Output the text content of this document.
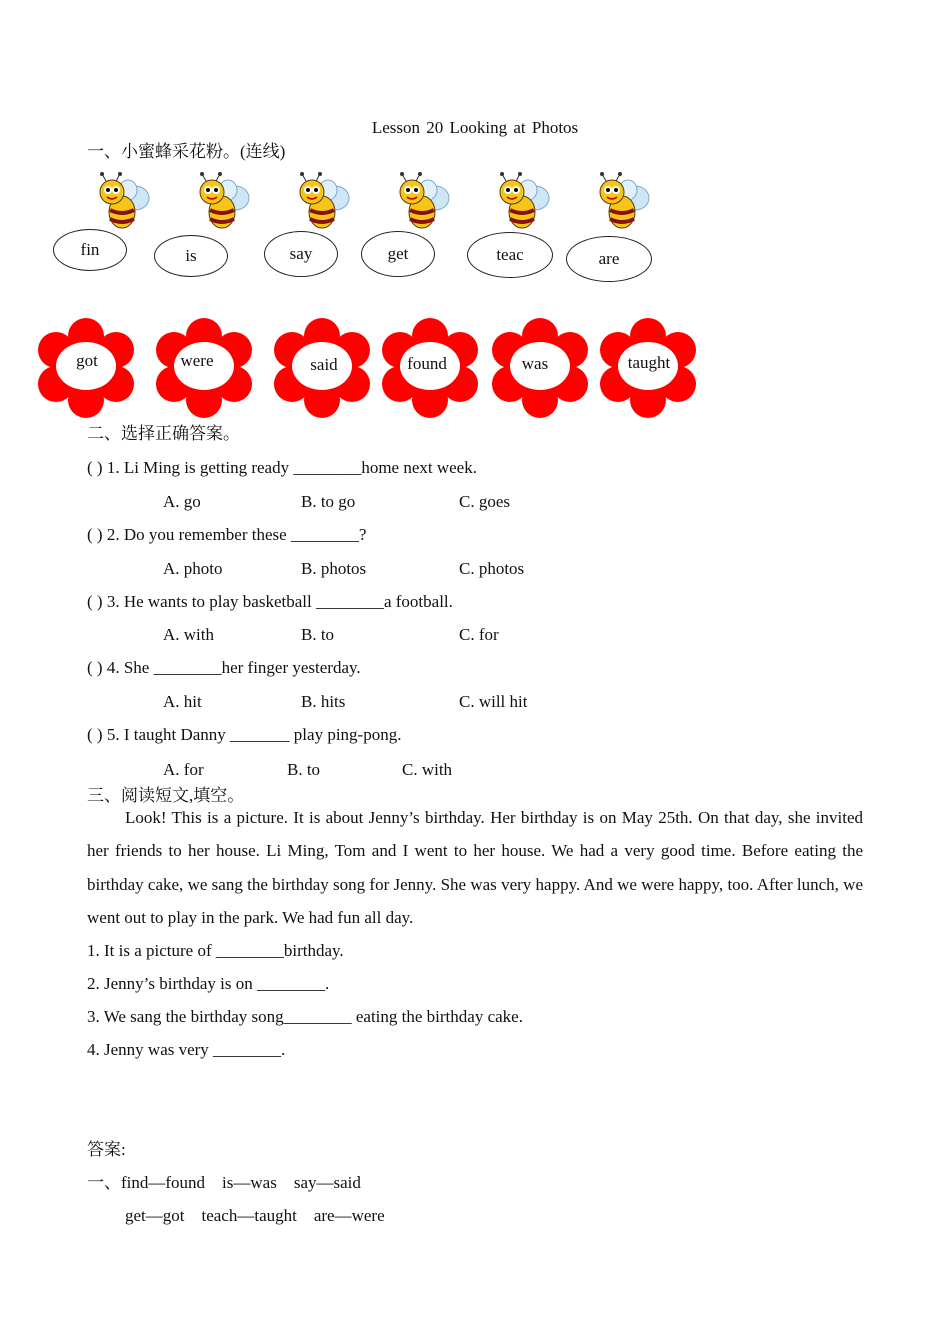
Lesson 20 Looking at Photos
一、小蜜蜂采花粉。(连线)
fin	is	say	get	teac	are
got	were	said	found	was	taught
二、选择正确答案。
( ) 1. Li Ming is getting ready ________home next week.
A. go	B. to go	C. goes
( ) 2. Do you remember these ________?
A. photo	B. photos	C. photos
( ) 3. He wants to play basketball ________a football.
A. with	B. to	C. for
( ) 4. She ________her finger yesterday.
A. hit	B. hits	C. will hit
( ) 5. I taught Danny _______ play ping-pong.
A. for	B. to	C. with
三、阅读短文,填空。
Look! This is a picture. It is about Jenny’s birthday. Her birthday is on May 25th. On that day, she invited her friends to her house. Li Ming, Tom and I went to her house. We had a very good time. Before eating the birthday cake, we sang the birthday song for Jenny. She was very happy. And we were happy, too. After lunch, we went out to play in the park. We had fun all day.
1. It is a picture of ________birthday.
2. Jenny’s birthday is on ________.
3. We sang the birthday song________ eating the birthday cake.
4. Jenny was very ________.
答案:
一、find—found    is—was    say—said
get—got    teach—taught    are—were
